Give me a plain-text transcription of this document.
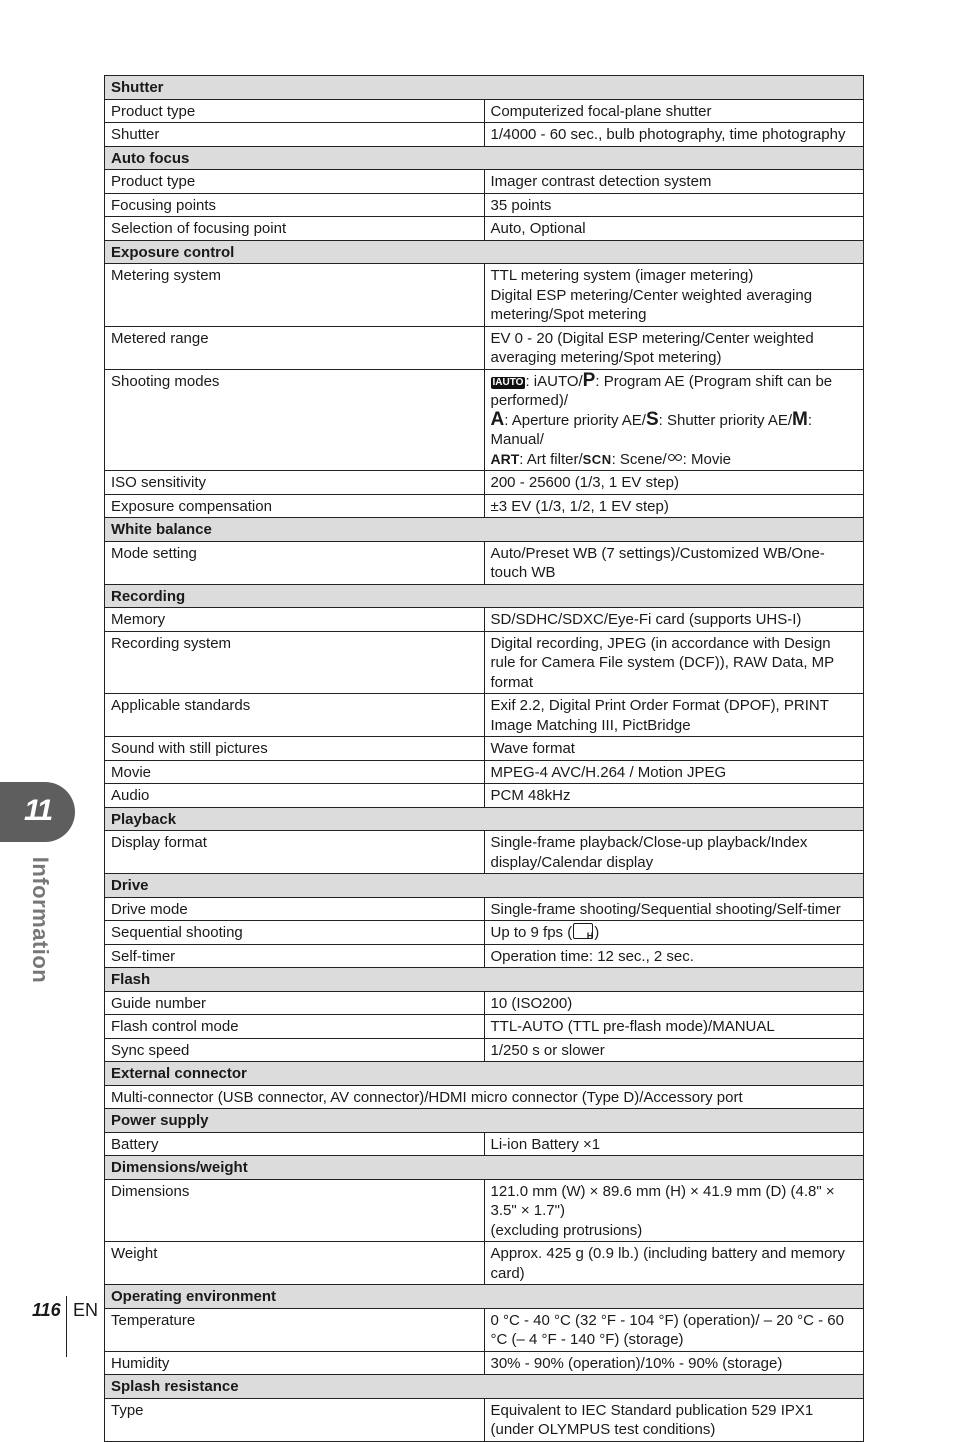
Shutter	
Product type	Computerized focal-plane shutter

Shutter	1/4000 - 60 sec., bulb photography, time photography

Auto focus	
Product type	Imager contrast detection system

Focusing points	35 points

Selection of focusing point	Auto, Optional

Exposure control	
Metering system	TTL metering system (imager metering)
Digital ESP metering/Center weighted averaging metering/Spot metering

Metered range	EV 0 - 20 (Digital ESP metering/Center weighted averaging metering/Spot metering)

Shooting modes	IAUTO : iAUTO/P: Program AE (Program shift can be performed)/
A: Aperture priority AE/S: Shutter priority AE/M: Manual/
ART: Art filter/SCN: Scene/ : Movie
ISO sensitivity	200 - 25600 (1/3, 1 EV step)

Exposure compensation	±3 EV (1/3, 1/2, 1 EV step)

White balance	
Mode setting	Auto/Preset WB (7 settings)/Customized WB/One-touch WB

Recording	
Memory	SD/SDHC/SDXC/Eye-Fi card (supports UHS-I)

Recording system	Digital recording, JPEG (in accordance with Design rule for Camera File system (DCF)), RAW Data, MP format

Applicable standards	Exif 2.2, Digital Print Order Format (DPOF), PRINT Image Matching III, PictBridge

Sound with still pictures	Wave format

Movie	MPEG-4 AVC/H.264 / Motion JPEG

Audio	PCM 48kHz

Playback	
Display format	Single-frame playback/Close-up playback/Index display/Calendar display

Drive	
Drive mode	Single-frame shooting/Sequential shooting/Self-timer

Sequential shooting	Up to 9 fps ( H )
Self-timer	Operation time: 12 sec., 2 sec.

Flash	
Guide number	10 (ISO200)

Flash control mode	TTL-AUTO (TTL pre-flash mode)/MANUAL

Sync speed	1/250 s or slower

External connector	
Multi-connector (USB connector, AV connector)/HDMI micro connector (Type D)/Accessory port	
Power supply	
Battery	Li-ion Battery ×1

Dimensions/weight	
Dimensions	121.0 mm (W) × 89.6 mm (H) × 41.9 mm (D) (4.8" × 3.5" × 1.7")
(excluding protrusions)

Weight	Approx. 425 g (0.9 lb.) (including battery and memory card)

Operating environment	
Temperature	0 °C - 40 °C (32 °F - 104 °F) (operation)/ – 20 °C - 60 °C (– 4 °F - 140 °F) (storage)

Humidity	30% - 90% (operation)/10% - 90% (storage)

Splash resistance	
Type	Equivalent to IEC Standard publication 529 IPX1 (under OLYMPUS test conditions)
11
Information
116 EN
